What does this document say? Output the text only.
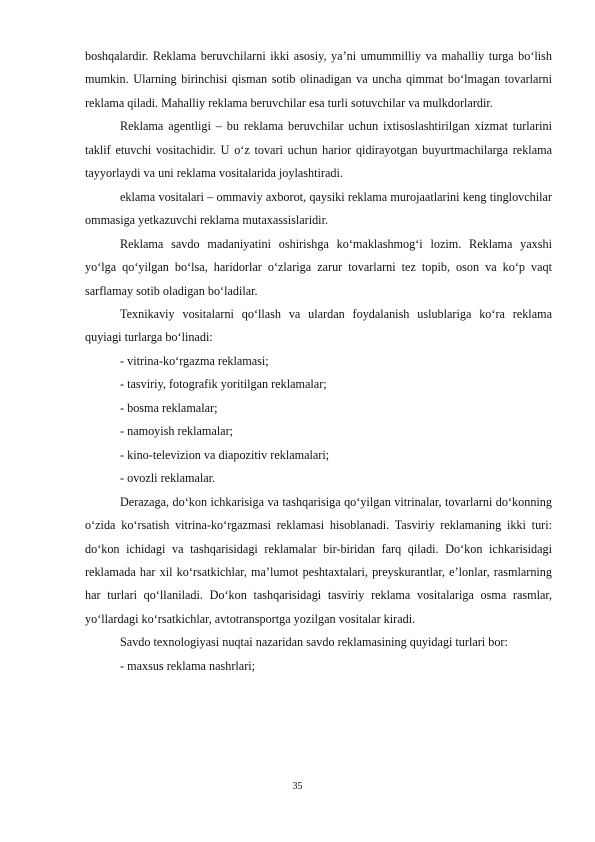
boshqalardir. Reklama beruvchilarni ikki asosiy, ya’ni umummilliy va mahalliy turga bo‘lish mumkin. Ularning birinchisi qisman sotib olinadigan va uncha qimmat bo‘lmagan tovarlarni reklama qiladi. Mahalliy reklama beruvchilar esa turli sotuvchilar va mulkdorlardir.

Reklama agentligi – bu reklama beruvchilar uchun ixtisoslashtirilgan xizmat turlarini taklif etuvchi vositachidir. U o‘z tovari uchun harior qidirayotgan buyurtmachilarga reklama tayyorlaydi va uni reklama vositalarida joylashtiradi.

eklama vositalari – ommaviy axborot, qaysiki reklama murojaatlarini keng tinglovchilar ommasiga yetkazuvchi reklama mutaxassislaridir.

Reklama savdo madaniyatini oshirishga ko‘maklashmog‘i lozim. Reklama yaxshi yo‘lga qo‘yilgan bo‘lsa, haridorlar o‘zlariga zarur tovarlarni tez topib, oson va ko‘p vaqt sarflamay sotib oladigan bo‘ladilar.

Texnikaviy vositalarni qo‘llash va ulardan foydalanish uslublariga ko‘ra reklama quyiagi turlarga bo‘linadi:

- vitrina-ko‘rgazma reklamasi;

- tasviriy, fotografik yoritilgan reklamalar;

- bosma reklamalar;

- namoyish reklamalar;

- kino-televizion va diapozitiv reklamalari;

- ovozli reklamalar.

Derazaga, do‘kon ichkarisiga va tashqarisiga qo‘yilgan vitrinalar, tovarlarni do‘konning o‘zida ko‘rsatish vitrina-ko‘rgazmasi reklamasi hisoblanadi. Tasviriy reklamaning ikki turi: do‘kon ichidagi va tashqarisidagi reklamalar bir-biridan farq qiladi. Do‘kon ichkarisidagi reklamada har xil ko‘rsatkichlar, ma’lumot peshtaxtalari, preyskurantlar, e’lonlar, rasmlarning har turlari qo‘llaniladi. Do‘kon tashqarisidagi tasviriy reklama vositalariga osma rasmlar, yo‘llardagi ko‘rsatkichlar, avtotransportga yozilgan vositalar kiradi.

Savdo texnologiyasi nuqtai nazaridan savdo reklamasining quyidagi turlari bor:

- maxsus reklama nashrlari;

35
